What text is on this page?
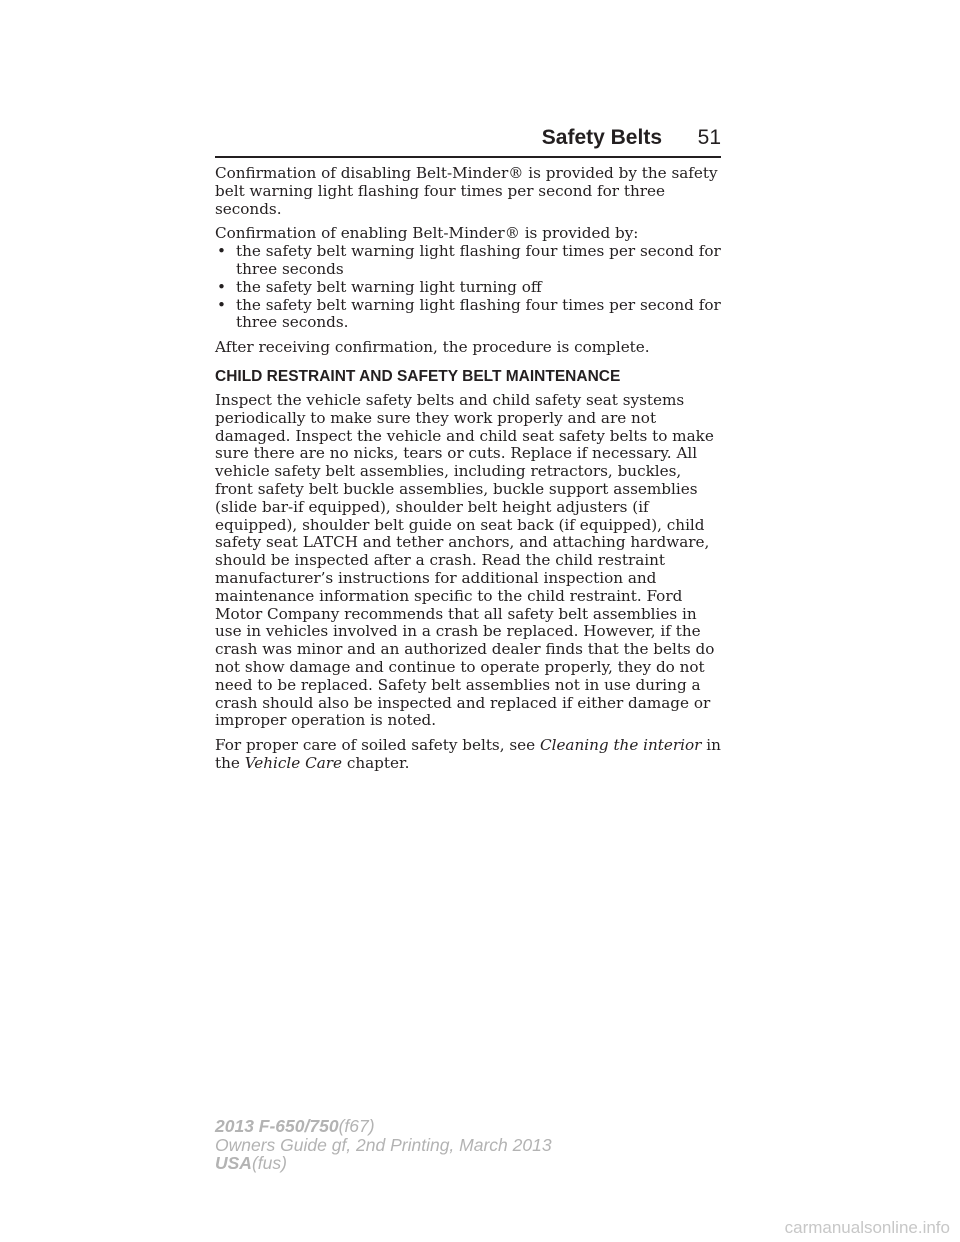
Safety Belts 51

Confirmation of disabling Belt-Minder® is provided by the safety belt warning light flashing four times per second for three seconds.

Confirmation of enabling Belt-Minder® is provided by:

• the safety belt warning light flashing four times per second for three seconds
• the safety belt warning light turning off
• the safety belt warning light flashing four times per second for three seconds.

After receiving confirmation, the procedure is complete.

CHILD RESTRAINT AND SAFETY BELT MAINTENANCE

Inspect the vehicle safety belts and child safety seat systems periodically to make sure they work properly and are not damaged. Inspect the vehicle and child seat safety belts to make sure there are no nicks, tears or cuts. Replace if necessary. All vehicle safety belt assemblies, including retractors, buckles, front safety belt buckle assemblies, buckle support assemblies (slide bar-if equipped), shoulder belt height adjusters (if equipped), shoulder belt guide on seat back (if equipped), child safety seat LATCH and tether anchors, and attaching hardware, should be inspected after a crash. Read the child restraint manufacturer’s instructions for additional inspection and maintenance information specific to the child restraint. Ford Motor Company recommends that all safety belt assemblies in use in vehicles involved in a crash be replaced. However, if the crash was minor and an authorized dealer finds that the belts do not show damage and continue to operate properly, they do not need to be replaced. Safety belt assemblies not in use during a crash should also be inspected and replaced if either damage or improper operation is noted.

For proper care of soiled safety belts, see Cleaning the interior in the Vehicle Care chapter.

2013 F-650/750(f67)
Owners Guide gf, 2nd Printing, March 2013
USA(fus)
carmanualsonline.info
